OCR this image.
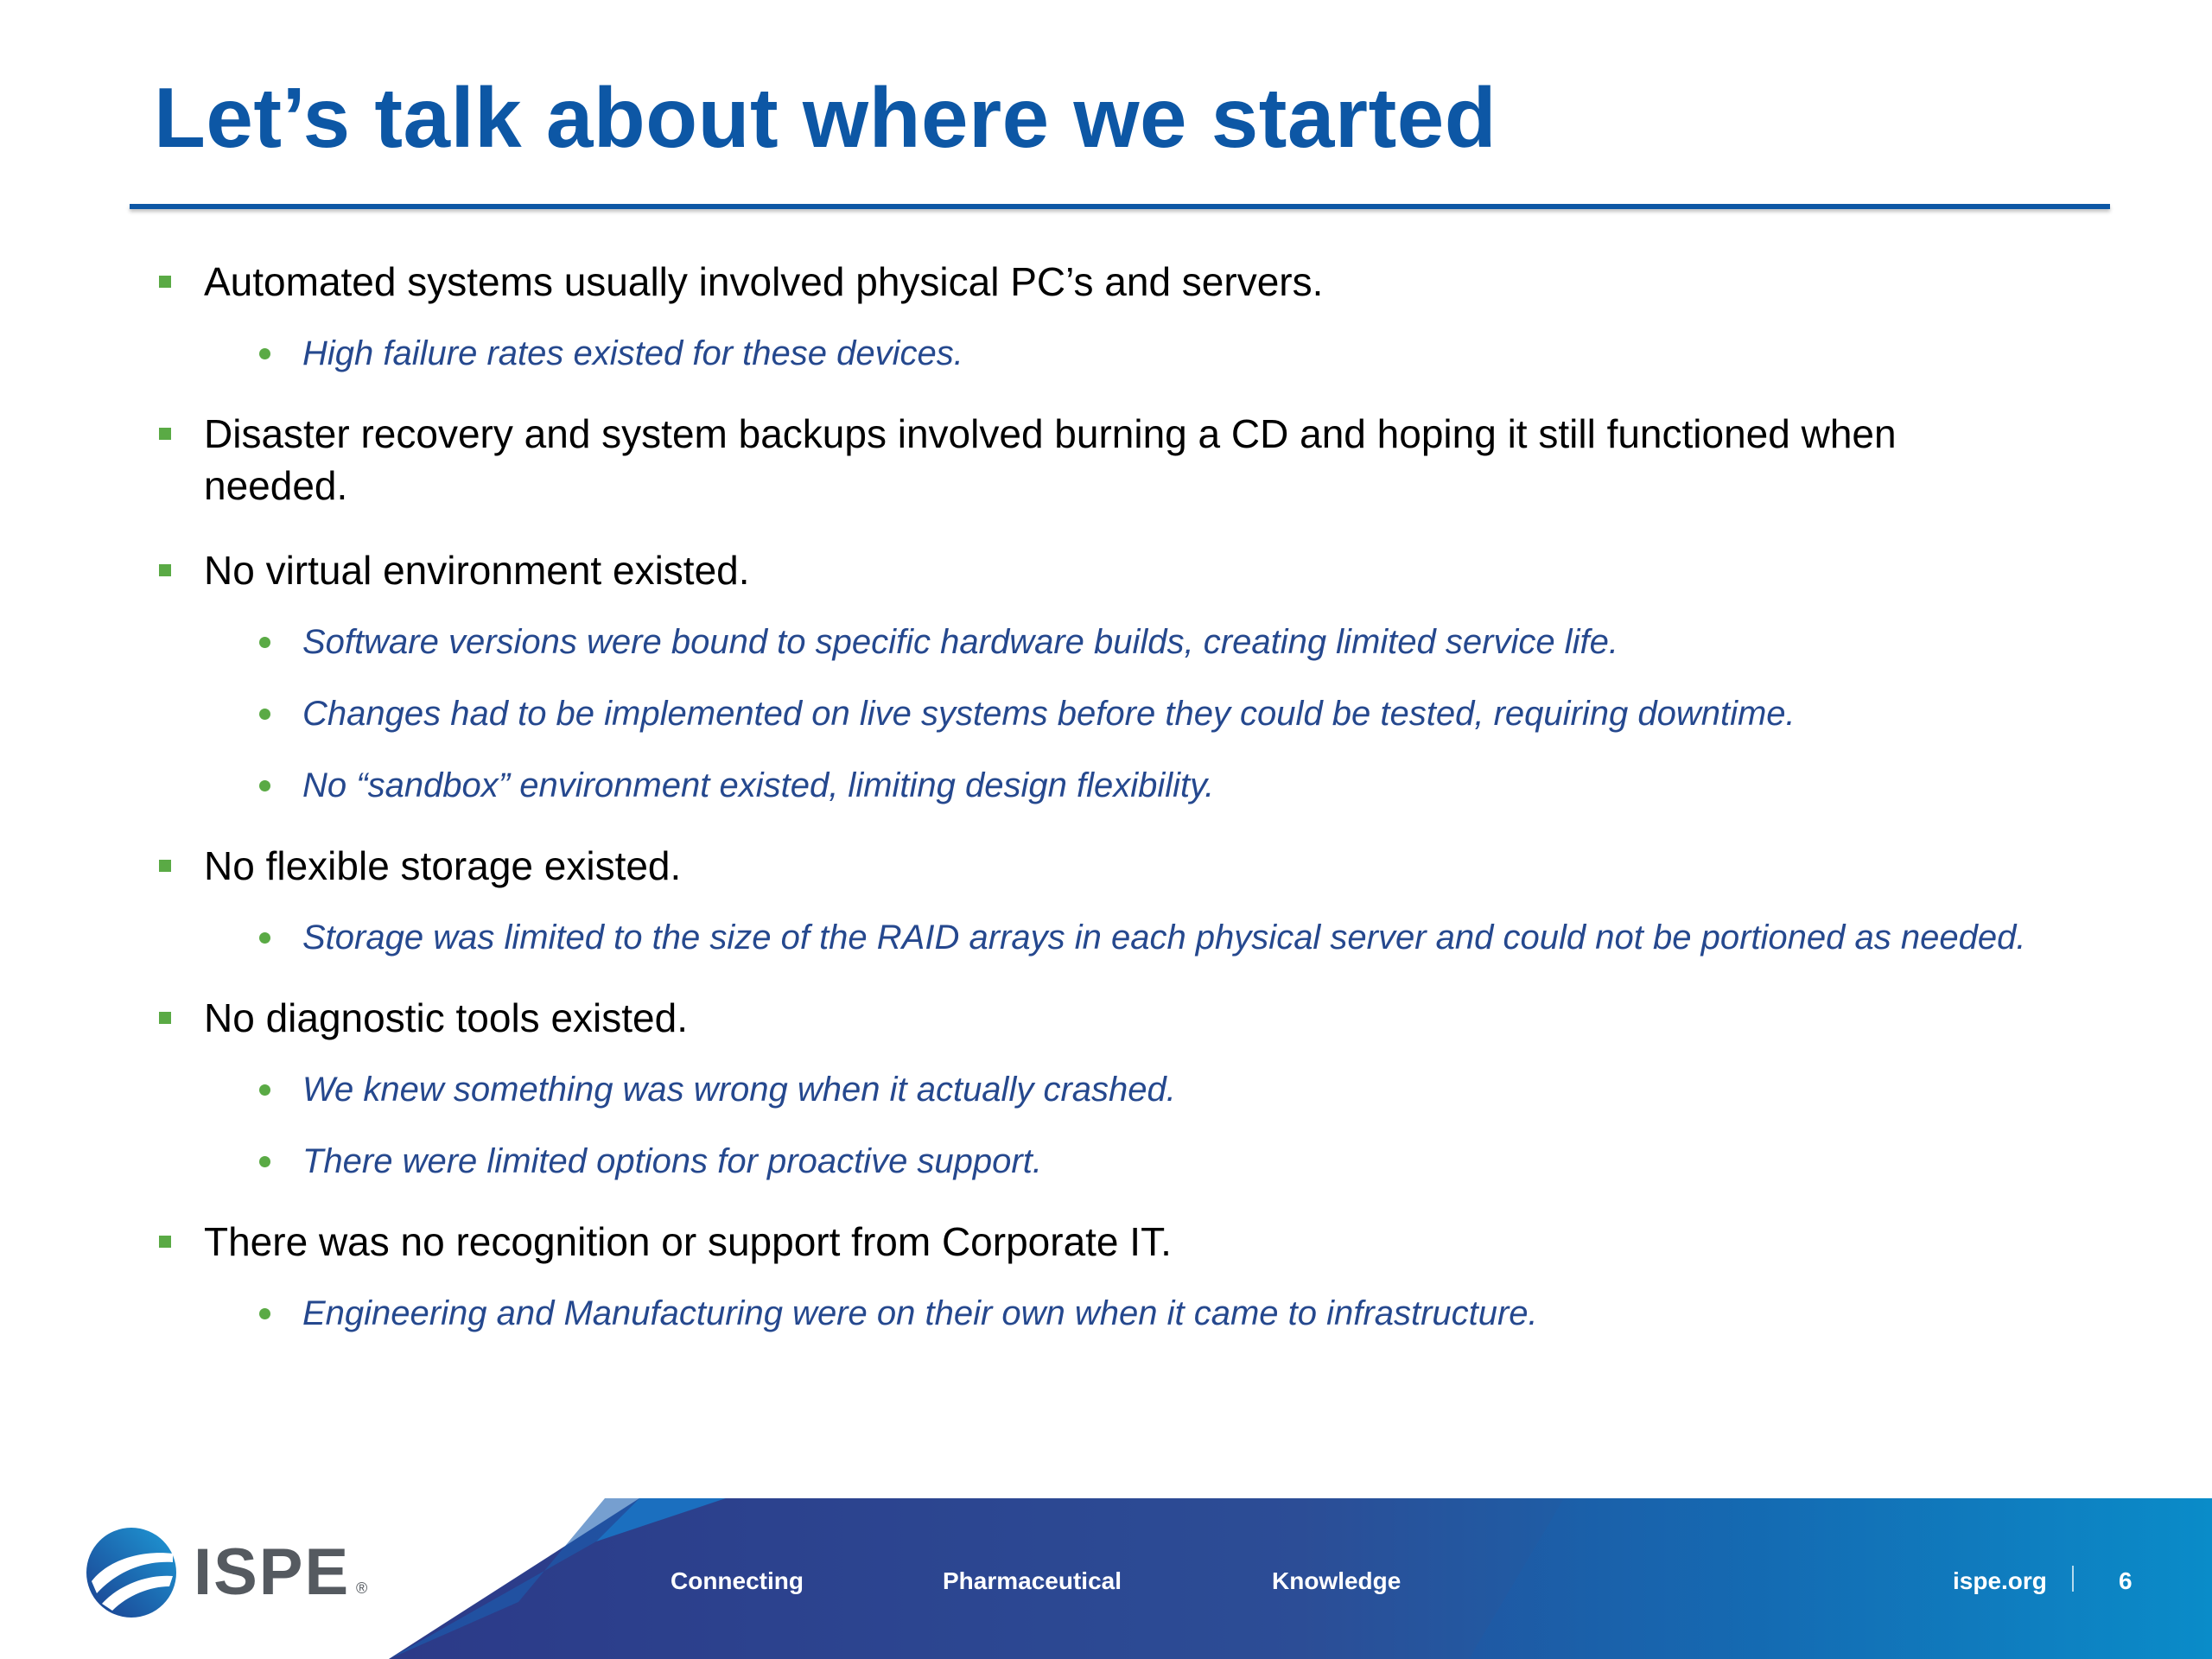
Let’s talk about where we started
Automated systems usually involved physical PC’s and servers.
High failure rates existed for these devices.
Disaster recovery and system backups involved burning a CD and hoping it still functioned when needed.
No virtual environment existed.
Software versions were bound to specific hardware builds, creating limited service life.
Changes had to be implemented on live systems before they could be tested, requiring downtime.
No “sandbox” environment existed, limiting design flexibility.
No flexible storage existed.
Storage was limited to the size of the RAID arrays in each physical server and could not be portioned as needed.
No diagnostic tools existed.
We knew something was wrong when it actually crashed.
There were limited options for proactive support.
There was no recognition or support from Corporate IT.
Engineering and Manufacturing were on their own when it came to infrastructure.
ISPE ®	Connecting	Pharmaceutical	Knowledge	ispe.org	6
